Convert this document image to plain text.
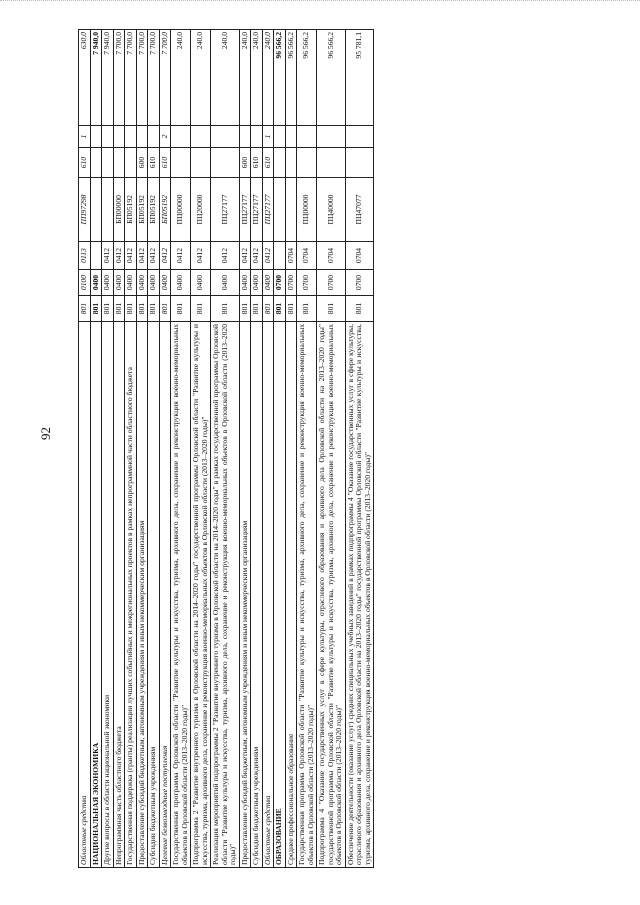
92
Областные средства	801	0100	0113	ПП97298	610	1	630,0
НАЦИОНАЛЬНАЯ ЭКОНОМИКА	801	0400					7 940,0
Другие вопросы в области национальной экономики	801	0400	0412				7 940,0
Непрограммная часть областного бюджета	801	0400	0412	БП00000			7 700,0
Государственная поддержка (гранты) реализации лучших событийных и межрегиональных проектов в рамках непрограммной части областного бюджета	801	0400	0412	БП05192			7 700,0
Предоставление субсидий бюджетным, автономным учреждениям и иным некоммерческим организациям	801	0400	0412	БП05192	600		7 700,0
Субсидии бюджетным учреждениям	801	0400	0412	БП05192	610		7 700,0
Целевые безвозмездные поступления	801	0400	0412	БП05192	610	2	7 700,0
Государственная программа Орловской области "Развитие культуры и искусства, туризма, архивного дела, сохранение и реконструкция военно-мемориальных объектов в Орловской области (2013–2020 годы)"	801	0400	0412	ПЦ00000			240,0
Подпрограмма 2 "Развитие внутреннего туризма в Орловской области на 2014–2020 годы" государственной программы Орловской области "Развитие культуры и искусства, туризма, архивного дела, сохранение и реконструкция военно-мемориальных объектов в Орловской области (2013–2020 годы)"	801	0400	0412	ПЦ20000			240,0
Реализация мероприятий подпрограммы 2 "Развитие внутреннего туризма в Орловской области на 2014–2020 годы" в рамках государственной программы Орловской области "Развитие культуры и искусства, туризма, архивного дела, сохранение и реконструкция военно-мемориальных объектов в Орловской области (2013–2020 годы)"	801	0400	0412	ПЦ27177			240,0
Предоставление субсидий бюджетным, автономным учреждениям и иным некоммерческим организациям	801	0400	0412	ПЦ27177	600		240,0
Субсидии бюджетным учреждениям	801	0400	0412	ПЦ27177	610		240,0
Областные средства	801	0400	0412	ПЦ27177	610	1	240,0
ОБРАЗОВАНИЕ	801	0700					96 566,2
Среднее профессиональное образование	801	0700	0704				96 566,2
Государственная программа Орловской области "Развитие культуры и искусства, туризма, архивного дела, сохранение и реконструкция военно-мемориальных объектов в Орловской области (2013–2020 годы)"	801	0700	0704	ПЦ00000			96 566,2
Подпрограмма 4 "Оказание государственных услуг в сфере культуры, отраслевого образования и архивного дела Орловской области на 2013–2020 годы" государственной программы Орловской области "Развитие культуры и искусства, туризма, архивного дела, сохранение и реконструкция военно-мемориальных объектов в Орловской области (2013–2020 годы)"	801	0700	0704	ПЦ40000			96 566,2
Обеспечение деятельности (оказание услуг) средних специальных учебных заведений в рамках подпрограммы 4 "Оказание государственных услуг в сфере культуры, отраслевого образования и архивного дела Орловской области на 2013–2020 годы" государственной программы Орловской области "Развитие культуры и искусства, туризма, архивного дела, сохранение и реконструкция военно-мемориальных объектов в Орловской области (2013–2020 годы)"	801	0700	0704	ПЦ47077			95 781,1
